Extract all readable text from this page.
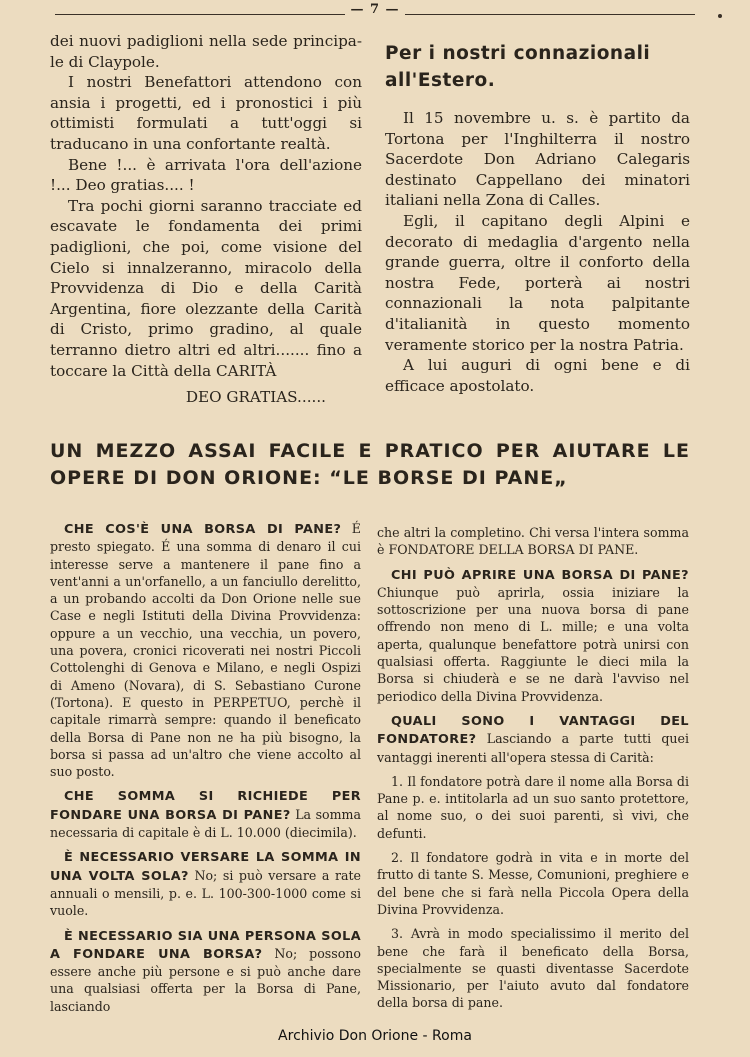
— 7 —

dei nuovi padiglioni nella sede principa-le di Claypole.

I nostri Benefattori attendono con ansia i progetti, ed i pronostici i più ottimisti formulati a tutt'oggi si traducano in una confortante realtà.

Bene !... è arrivata l'ora dell'azione !... Deo gratias.... !

Tra pochi giorni saranno tracciate ed escavate le fondamenta dei primi padiglioni, che poi, come visione del Cielo si innalzeranno, miracolo della Provvidenza di Dio e della Carità Argentina, fiore olezzante della Carità di Cristo, primo gradino, al quale terranno dietro altri ed altri....... fino a toccare la Città della CARITÀ

DEO GRATIAS......

Per i nostri connazionali all'Estero.

Il 15 novembre u. s. è partito da Tortona per l'Inghilterra il nostro Sacerdote Don Adriano Calegaris destinato Cappellano dei minatori italiani nella Zona di Calles.

Egli, il capitano degli Alpini e decorato di medaglia d'argento nella grande guerra, oltre il conforto della nostra Fede, porterà ai nostri connazionali la nota palpitante d'italianità in questo momento veramente storico per la nostra Patria.

A lui auguri di ogni bene e di efficace apostolato.

UN MEZZO ASSAI FACILE E PRATICO PER AIUTARE LE OPERE DI DON ORIONE: “LE BORSE DI PANE„

CHE COS'È UNA BORSA DI PANE? É presto spiegato. É una somma di denaro il cui interesse serve a mantenere il pane fino a vent'anni a un'orfanello, a un fanciullo derelitto, a un probando accolti da Don Orione nelle sue Case e negli Istituti della Divina Provvidenza: oppure a un vecchio, una vecchia, un povero, una povera, cronici ricoverati nei nostri Piccoli Cottolenghi di Genova e Milano, e negli Ospizi di Ameno (Novara), di S. Sebastiano Curone (Tortona). E questo in PERPETUO, perchè il capitale rimarrà sempre: quando il beneficato della Borsa di Pane non ne ha più bisogno, la borsa si passa ad un'altro che viene accolto al suo posto.

CHE SOMMA SI RICHIEDE PER FONDARE UNA BORSA DI PANE? La somma necessaria di capitale è di L. 10.000 (diecimila).

È NECESSARIO VERSARE LA SOMMA IN UNA VOLTA SOLA? No; si può versare a rate annuali o mensili, p. e. L. 100-300-1000 come si vuole.

È NECESSARIO SIA UNA PERSONA SOLA A FONDARE UNA BORSA? No; possono essere anche più persone e si può anche dare una qualsiasi offerta per la Borsa di Pane, lasciando

che altri la completino. Chi versa l'intera somma è FONDATORE DELLA BORSA DI PANE.

CHI PUÒ APRIRE UNA BORSA DI PANE? Chiunque può aprirla, ossia iniziare la sottoscrizione per una nuova borsa di pane offrendo non meno di L. mille; e una volta aperta, qualunque benefattore potrà unirsi con qualsiasi offerta. Raggiunte le dieci mila la Borsa si chiuderà e se ne darà l'avviso nel periodico della Divina Provvidenza.

QUALI SONO I VANTAGGI DEL FONDATORE? Lasciando a parte tutti quei vantaggi inerenti all'opera stessa di Carità:

1. Il fondatore potrà dare il nome alla Borsa di Pane p. e. intitolarla ad un suo santo protettore, al nome suo, o dei suoi parenti, sì vivi, che defunti.

2. Il fondatore godrà in vita e in morte del frutto di tante S. Messe, Comunioni, preghiere e del bene che si farà nella Piccola Opera della Divina Provvidenza.

3. Avrà in modo specialissimo il merito del bene che farà il beneficato della Borsa, specialmente se quasti diventasse Sacerdote Missionario, per l'aiuto avuto dal fondatore della borsa di pane.

Archivio Don Orione - Roma
